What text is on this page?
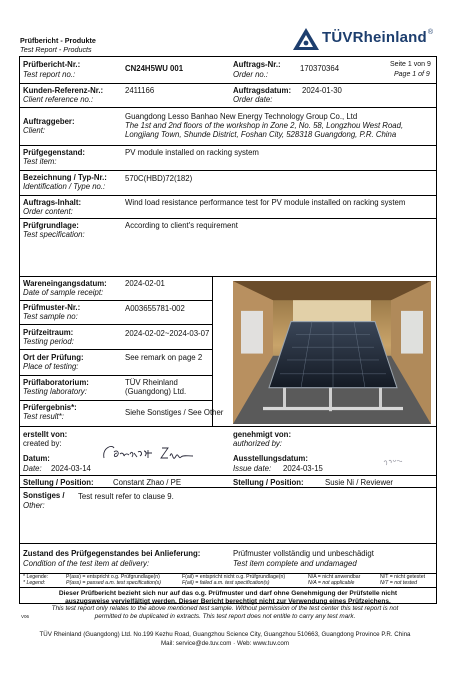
Prüfbericht - Produkte
Test Report - Products
TÜVRheinland®
Prüfbericht-Nr.:
Test report no.:
CN24H5WU 001	Auftrags-Nr.:
Order no.:
170370364	Seite 1 von 9
Page 1 of 9
Kunden-Referenz-Nr.:
Client reference no.:
2411166	Auftragsdatum:
Order date:
2024-01-30
Auftraggeber:
Client:
Guangdong Lesso Banhao New Energy Technology Group Co., Ltd
The 1st and 2nd floors of the workshop in Zone 2, No. 58, Longzhou West Road,
Longjiang Town, Shunde District, Foshan City, 528318 Guangdong, P.R. China
Prüfgegenstand:
Test item:
PV module installed on racking system
Bezeichnung / Typ-Nr.:
Identification / Type no.:
570C(HBD)72(182)
Auftrags-Inhalt:
Order content:
Wind load resistance performance test for PV module installed on racking system
Prüfgrundlage:
Test specification:
According to client's requirement
Wareneingangsdatum:
Date of sample receipt:
2024-02-01
Prüfmuster-Nr.:
Test sample no:
A003655781-002
Prüfzeitraum:
Testing period:
2024-02-02~2024-03-07
Ort der Prüfung:
Place of testing:
See remark on page 2
Prüflaboratorium:
Testing laboratory:
TÜV Rheinland
(Guangdong) Ltd.
Prüfergebnis*:
Test result*:	Siehe Sonstiges / See Other
erstellt von:
created by:
genehmigt von:
authorized by:
Datum:
Date: 2024-03-14
Ausstellungsdatum:
Issue date: 2024-03-15
Stellung / Position: Constant Zhao / PE	Stellung / Position:	Susie Ni / Reviewer
Sonstiges /
Other:
Test result refer to clause 9.
Zustand des Prüfgegenstandes bei Anlieferung:
Condition of the test item at delivery:
Prüfmuster vollständig und unbeschädigt
Test item complete and undamaged
* Legende:
* Legend:
P(ass) = entspricht o.g. Prüfgrundlage(n)
P(ass) = passed a.m. test specification(s)
F(ail) = entspricht nicht o.g. Prüfgrundlage(n)
F(ail) = failed a.m. test specification(s)
N/A = nicht anwendbar
N/A = not applicable
N/T = nicht getestet
N/T = not tested
Dieser Prüfbericht bezieht sich nur auf das o.g. Prüfmuster und darf ohne Genehmigung der Prüfstelle nicht
auszugsweise vervielfältigt werden. Dieser Bericht berechtigt nicht zur Verwendung eines Prüfzeichens.
This test report only relates to the above mentioned test sample. Without permission of the test center this test report is not
permitted to be duplicated in extracts. This test report does not entitle to carry any test mark.
V06
TÜV Rheinland (Guangdong) Ltd. No.199 Kezhu Road, Guangzhou Science City, Guangzhou 510663, Guangdong Province P.R. China
Mail: service@de.tuv.com · Web: www.tuv.com
